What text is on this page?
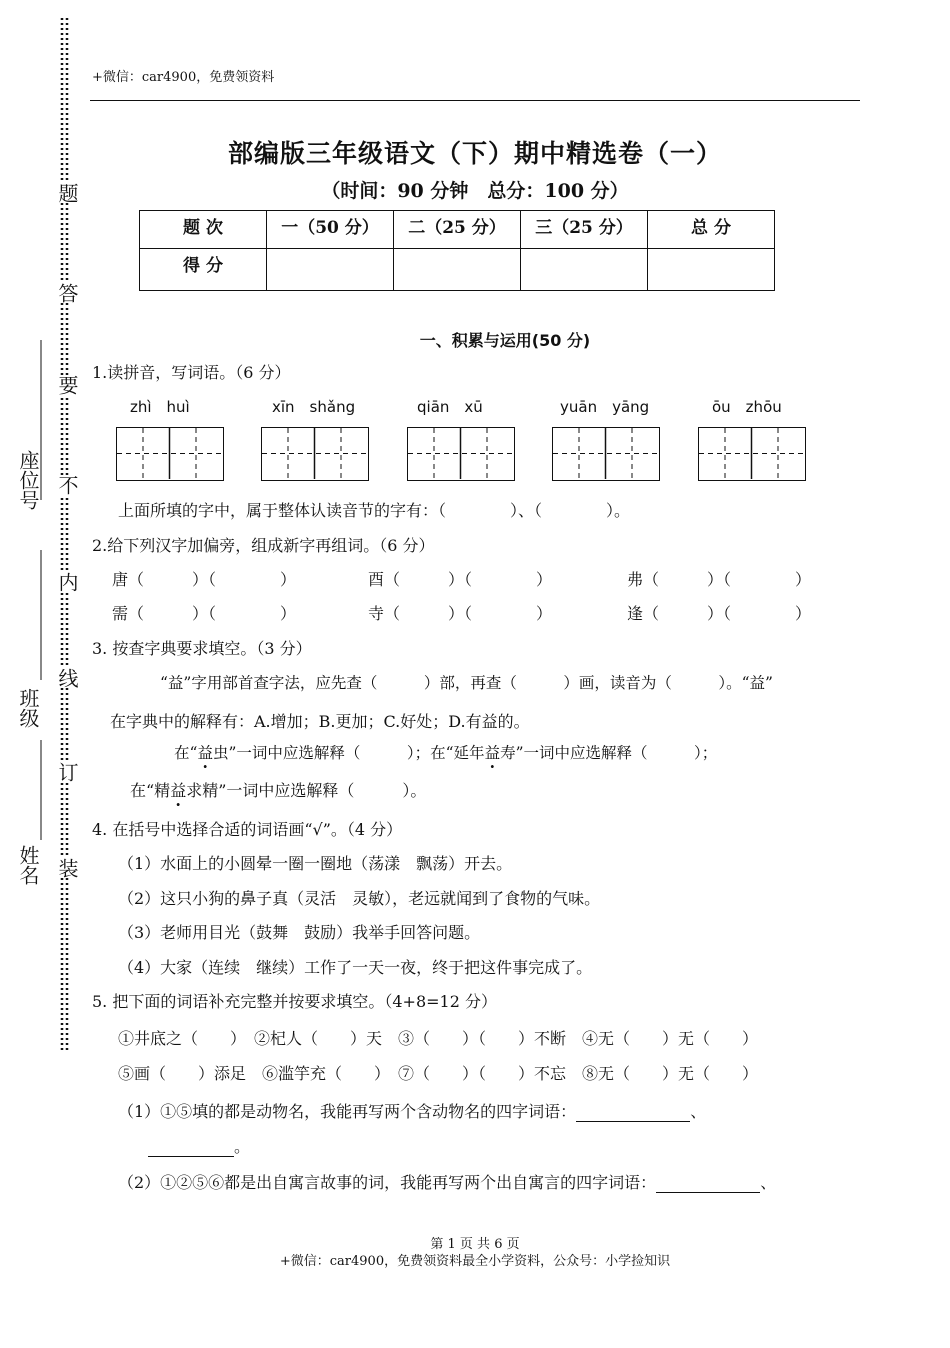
+微信：car4900，免费领资料
座位号
班级
姓名
题
答
要
不
内
线
订
装
部编版三年级语文（下）期中精选卷（一）
（时间：90 分钟　总分：100 分）
题 次	一（50 分）	二（25 分）	三（25 分）	总 分
得 分				
一、积累与运用(50 分)
1.读拼音，写词语。（6 分）
zhì　huì	xīn　shǎng	qiān　xū	yuān　yāng	ōu　zhōu
上面所填的字中，属于整体认读音节的字有：（　　　　）、（　　　　）。
2.给下列汉字加偏旁，组成新字再组词。（6 分）
唐（　　　）（　　　　）	酉（　　　）（　　　　）	弗（　　　）（　　　　）
需（　　　）（　　　　）	寺（　　　）（　　　　）	逢（　　　）（　　　　）
3. 按查字典要求填空。（3 分）
“益”字用部首查字法，应先查（　　　）部，再查（　　　）画，读音为（　　　）。“益”
在字典中的解释有：A.增加；B.更加；C.好处；D.有益的。
在“益虫”一词中应选解释（　　　）；在“延年益寿”一词中应选解释（　　　）；
在“精益求精”一词中应选解释（　　　）。
4. 在括号中选择合适的词语画“√”。（4 分）
（1）水面上的小圆晕一圈一圈地（荡漾　飘荡）开去。
（2）这只小狗的鼻子真（灵活　灵敏），老远就闻到了食物的气味。
（3）老师用目光（鼓舞　鼓励）我举手回答问题。
（4）大家（连续　继续）工作了一天一夜，终于把这件事完成了。
5. 把下面的词语补充完整并按要求填空。（4+8=12 分）
①井底之（　　）　②杞人（　　）天　③（　　）（　　）不断　④无（　　）无（　　）
⑤画（　　）添足　⑥滥竽充（　　）　⑦（　　）（　　）不忘　⑧无（　　）无（　　）
（1）①⑤填的都是动物名，我能再写两个含动物名的四字词语：	、
。
（2）①②⑤⑥都是出自寓言故事的词，我能再写两个出自寓言的四字词语：	、
第 1 页 共 6 页
+微信：car4900，免费领资料最全小学资料，公众号：小学捡知识
